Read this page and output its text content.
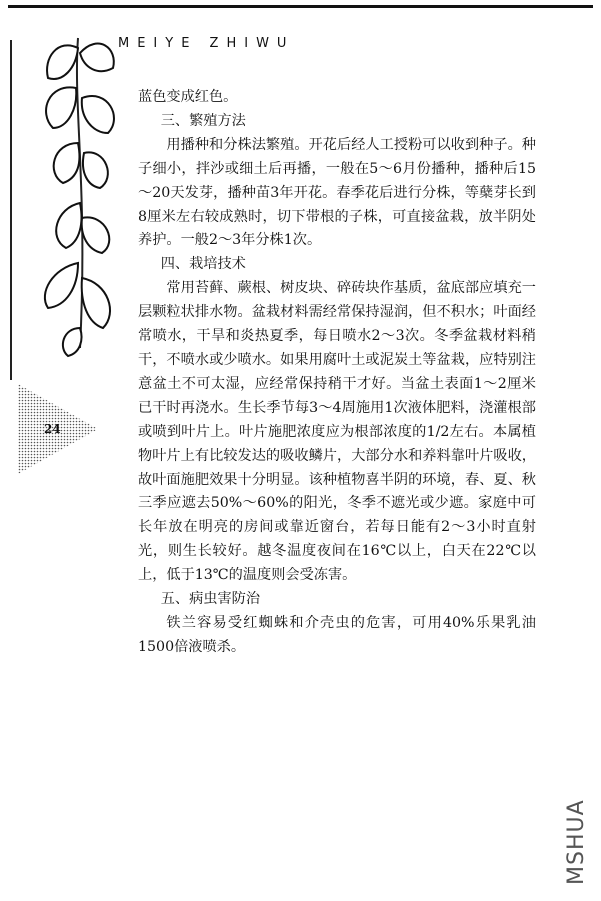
24
MEIYE ZHIWU

蓝色变成红色。

三、繁殖方法

用播种和分株法繁殖。开花后经人工授粉可以收到种子。种子细小，拌沙或细土后再播，一般在5～6月份播种，播种后15～20天发芽，播种苗3年开花。春季花后进行分株，等蘖芽长到8厘米左右较成熟时，切下带根的子株，可直接盆栽，放半阴处养护。一般2～3年分株1次。

四、栽培技术

常用苔藓、蕨根、树皮块、碎砖块作基质，盆底部应填充一层颗粒状排水物。盆栽材料需经常保持湿润，但不积水；叶面经常喷水，干旱和炎热夏季，每日喷水2～3次。冬季盆栽材料稍干，不喷水或少喷水。如果用腐叶土或泥炭土等盆栽，应特别注意盆土不可太湿，应经常保持稍干才好。当盆土表面1～2厘米已干时再浇水。生长季节每3～4周施用1次液体肥料，浇灌根部或喷到叶片上。叶片施肥浓度应为根部浓度的1/2左右。本属植物叶片上有比较发达的吸收鳞片，大部分水和养料靠叶片吸收，故叶面施肥效果十分明显。该种植物喜半阴的环境，春、夏、秋三季应遮去50%～60%的阳光，冬季不遮光或少遮。家庭中可长年放在明亮的房间或靠近窗台，若每日能有2～3小时直射光，则生长较好。越冬温度夜间在16℃以上，白天在22℃以上，低于13℃的温度则会受冻害。

五、病虫害防治

铁兰容易受红蜘蛛和介壳虫的危害，可用40%乐果乳油1500倍液喷杀。

MSHUA
